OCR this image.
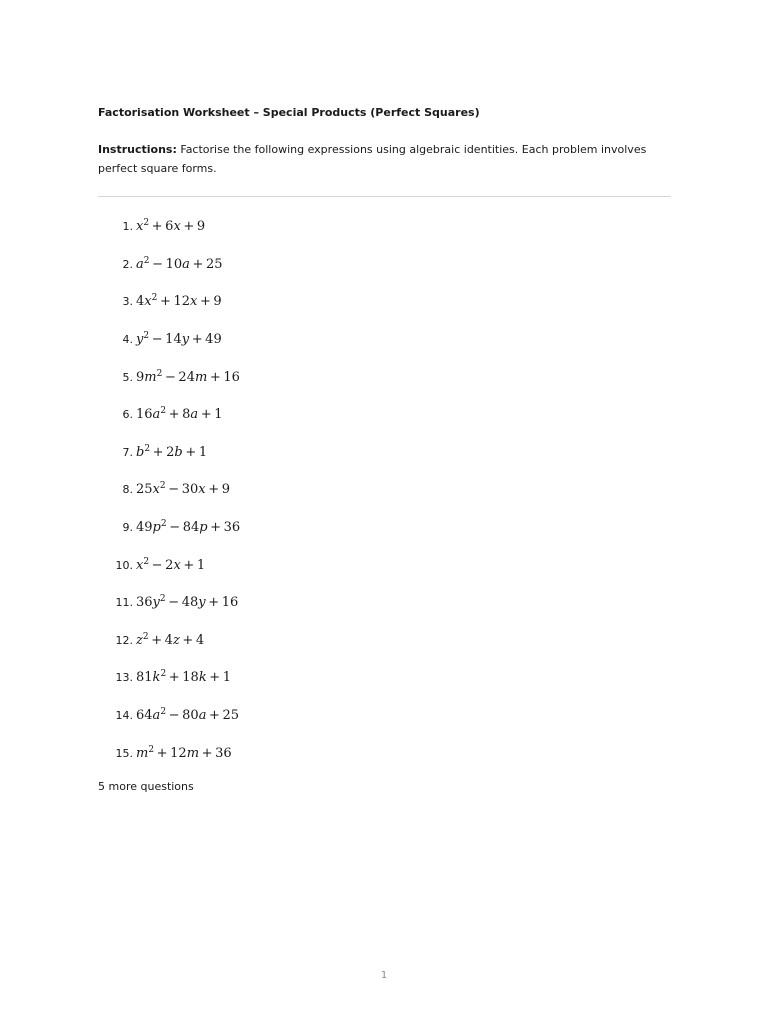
Factorisation Worksheet – Special Products (Perfect Squares)
Instructions: Factorise the following expressions using algebraic identities. Each problem involves perfect square forms.
1. $x^2 + 6x + 9$
2. $a^2 - 10a + 25$
3. $4x^2 + 12x + 9$
4. $y^2 - 14y + 49$
5. $9m^2 - 24m + 16$
6. $16a^2 + 8a + 1$
7. $b^2 + 2b + 1$
8. $25x^2 - 30x + 9$
9. $49p^2 - 84p + 36$
10. $x^2 - 2x + 1$
11. $36y^2 - 48y + 16$
12. $z^2 + 4z + 4$
13. $81k^2 + 18k + 1$
14. $64a^2 - 80a + 25$
15. $m^2 + 12m + 36$
5 more questions
1
